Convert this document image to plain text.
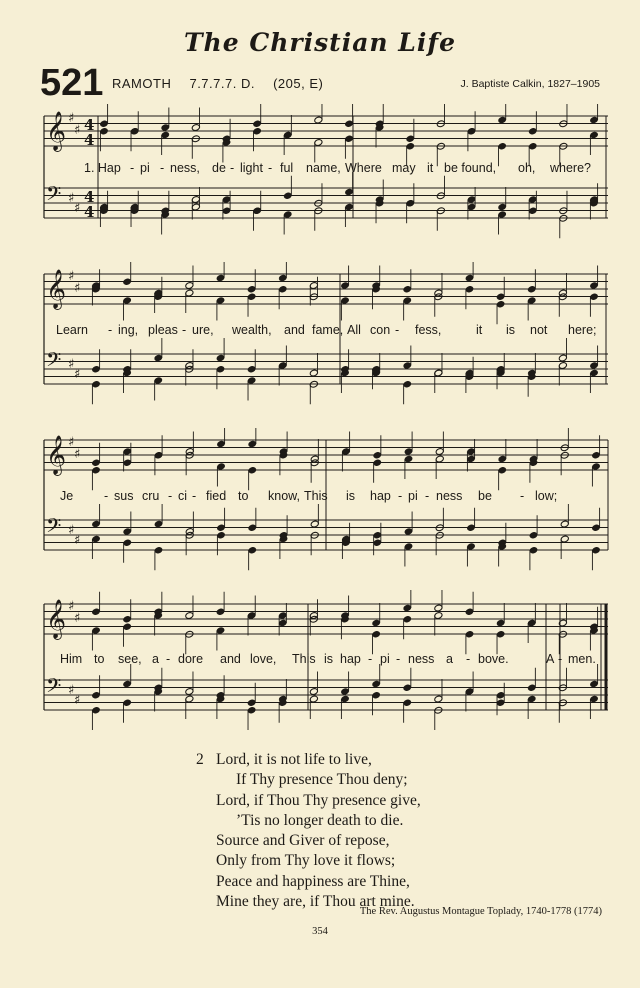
The Christian Life
521 RAMOTH 7.7.7.7. D. (205, E)	J. Baptiste Calkin, 1827–1905
𝄞 ♯
♯ 4
4
𝄢 ♯
♯
4
4
1. Hap - pi - ness, de - light - ful name, Where may it be found, oh, where?
𝄞 ♯
♯
𝄢 ♯
♯
Learn - ing, pleas - ure, wealth, and fame, All con - fess,	it is not here;
𝄞 ♯
♯
𝄢 ♯
♯
Je - sus cru - ci - fied to know, This is hap - pi - ness be - low;
𝄞 ♯
♯
𝄢 ♯
♯
Him to see, a - dore and love, This is hap - pi - ness a - bove.	A - men.
2 Lord, it is not life to live,
If Thy presence Thou deny;
Lord, if Thou Thy presence give,
’Tis no longer death to die.
Source and Giver of repose,
Only from Thy love it flows;
Peace and happiness are Thine,
Mine they are, if Thou art mine.
The Rev. Augustus Montague Toplady, 1740-1778 (1774)
354
